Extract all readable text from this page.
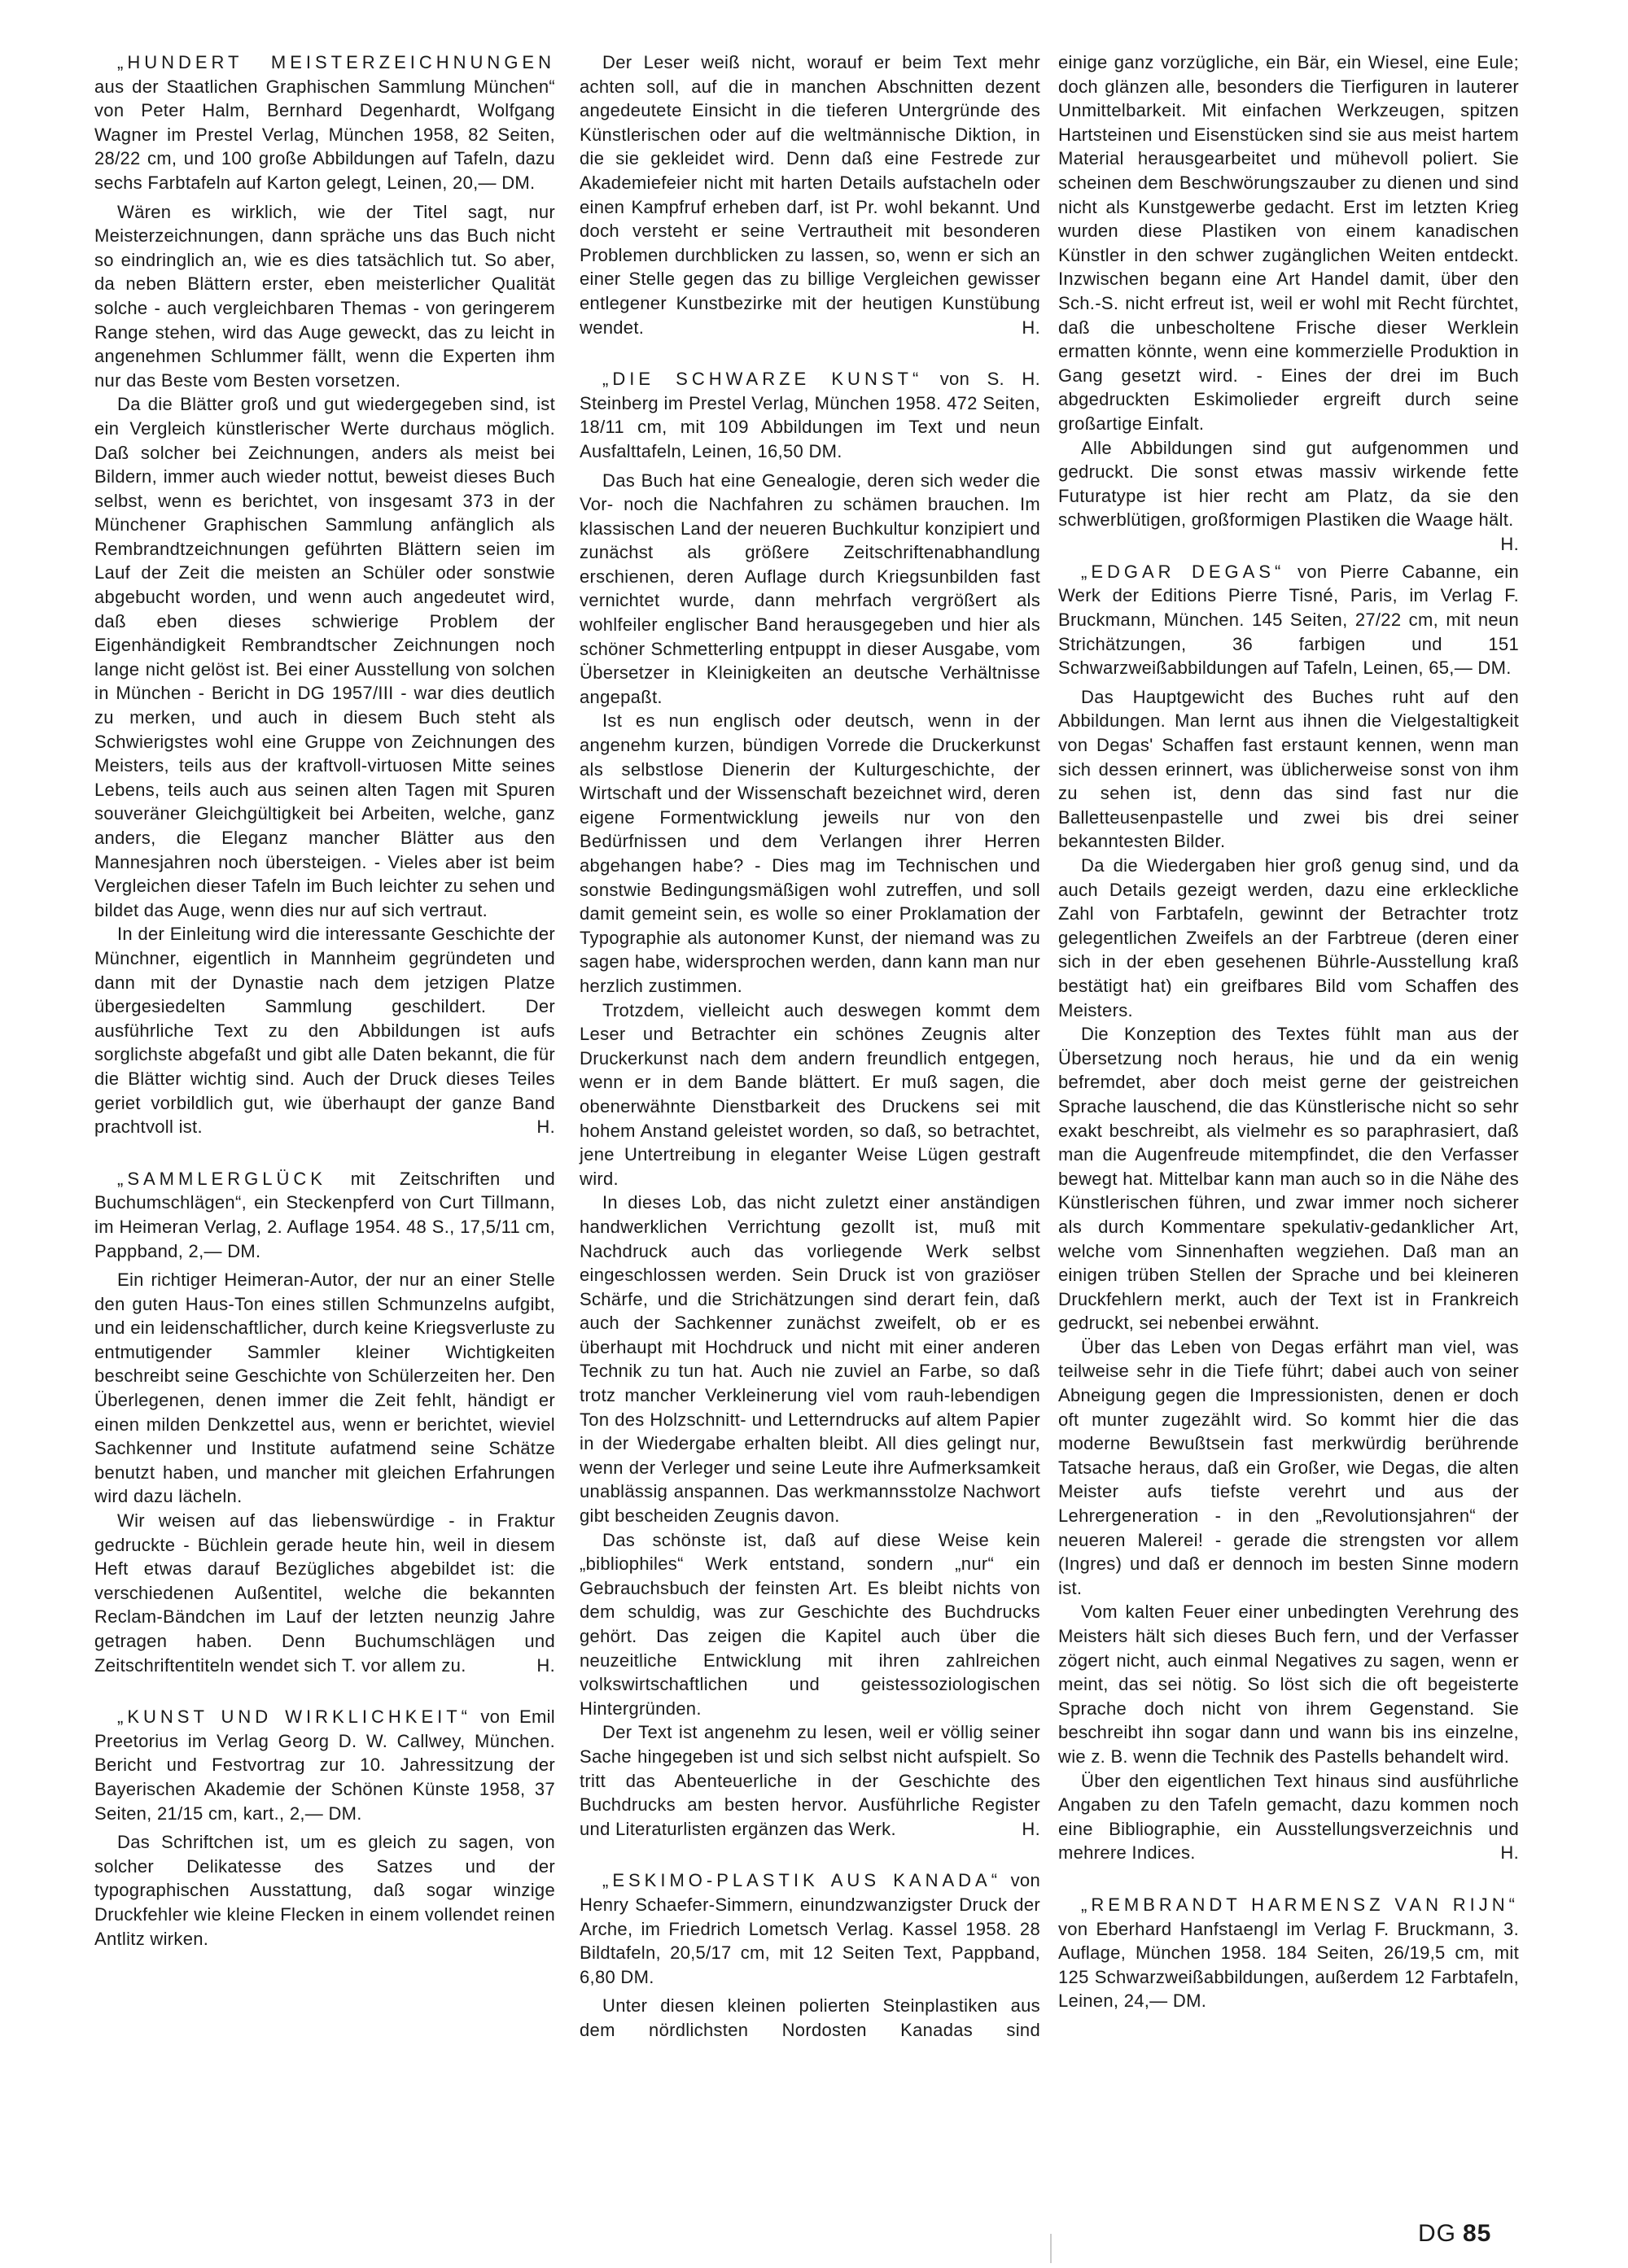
„HUNDERT MEISTERZEICHNUNGEN aus der Staatlichen Graphischen Sammlung München“ von Peter Halm, Bernhard Degenhardt, Wolfgang Wagner im Prestel Verlag, München 1958, 82 Seiten, 28/22 cm, und 100 große Abbildungen auf Tafeln, dazu sechs Farbtafeln auf Karton gelegt, Leinen, 20,— DM.
Wären es wirklich, wie der Titel sagt, nur Meisterzeichnungen, dann spräche uns das Buch nicht so eindringlich an, wie es dies tatsächlich tut. So aber, da neben Blättern erster, eben meisterlicher Qualität solche - auch vergleichbaren Themas - von geringerem Range stehen, wird das Auge geweckt, das zu leicht in angenehmen Schlummer fällt, wenn die Experten ihm nur das Beste vom Besten vorsetzen.
Da die Blätter groß und gut wiedergegeben sind, ist ein Vergleich künstlerischer Werte durchaus möglich. Daß solcher bei Zeichnungen, anders als meist bei Bildern, immer auch wieder nottut, beweist dieses Buch selbst, wenn es berichtet, von insgesamt 373 in der Münchener Graphischen Sammlung anfänglich als Rembrandtzeichnungen geführten Blättern seien im Lauf der Zeit die meisten an Schüler oder sonstwie abgebucht worden, und wenn auch angedeutet wird, daß eben dieses schwierige Problem der Eigenhändigkeit Rembrandtscher Zeichnungen noch lange nicht gelöst ist. Bei einer Ausstellung von solchen in München - Bericht in DG 1957/III - war dies deutlich zu merken, und auch in diesem Buch steht als Schwierigstes wohl eine Gruppe von Zeichnungen des Meisters, teils aus der kraftvoll-virtuosen Mitte seines Lebens, teils auch aus seinen alten Tagen mit Spuren souveräner Gleichgültigkeit bei Arbeiten, welche, ganz anders, die Eleganz mancher Blätter aus den Mannesjahren noch übersteigen. - Vieles aber ist beim Vergleichen dieser Tafeln im Buch leichter zu sehen und bildet das Auge, wenn dies nur auf sich vertraut.
In der Einleitung wird die interessante Geschichte der Münchner, eigentlich in Mannheim gegründeten und dann mit der Dynastie nach dem jetzigen Platze übergesiedelten Sammlung geschildert. Der ausführliche Text zu den Abbildungen ist aufs sorglichste abgefaßt und gibt alle Daten bekannt, die für die Blätter wichtig sind. Auch der Druck dieses Teiles geriet vorbildlich gut, wie überhaupt der ganze Band prachtvoll ist.	H.
„SAMMLERGLÜCK mit Zeitschriften und Buchumschlägen“, ein Steckenpferd von Curt Tillmann, im Heimeran Verlag, 2. Auflage 1954. 48 S., 17,5/11 cm, Pappband, 2,— DM.
Ein richtiger Heimeran-Autor, der nur an einer Stelle den guten Haus-Ton eines stillen Schmunzelns aufgibt, und ein leidenschaftlicher, durch keine Kriegsverluste zu entmutigender Sammler kleiner Wichtigkeiten beschreibt seine Geschichte von Schülerzeiten her. Den Überlegenen, denen immer die Zeit fehlt, händigt er einen milden Denkzettel aus, wenn er berichtet, wieviel Sachkenner und Institute aufatmend seine Schätze benutzt haben, und mancher mit gleichen Erfahrungen wird dazu lächeln.
Wir weisen auf das liebenswürdige - in Fraktur gedruckte - Büchlein gerade heute hin, weil in diesem Heft etwas darauf Bezügliches abgebildet ist: die verschiedenen Außentitel, welche die bekannten Reclam-Bändchen im Lauf der letzten neunzig Jahre getragen haben. Denn Buchumschlägen und Zeitschriftentiteln wendet sich T. vor allem zu.	H.
„KUNST UND WIRKLICHKEIT“ von Emil Preetorius im Verlag Georg D. W. Callwey, München. Bericht und Festvortrag zur 10. Jahressitzung der Bayerischen Akademie der Schönen Künste 1958, 37 Seiten, 21/15 cm, kart., 2,— DM.
Das Schriftchen ist, um es gleich zu sagen, von solcher Delikatesse des Satzes und der typographischen Ausstattung, daß sogar winzige Druckfehler wie kleine Flecken in einem vollendet reinen Antlitz wirken.
Der Leser weiß nicht, worauf er beim Text mehr achten soll, auf die in manchen Abschnitten dezent angedeutete Einsicht in die tieferen Untergründe des Künstlerischen oder auf die weltmännische Diktion, in die sie gekleidet wird. Denn daß eine Festrede zur Akademiefeier nicht mit harten Details aufstacheln oder einen Kampfruf erheben darf, ist Pr. wohl bekannt. Und doch versteht er seine Vertrautheit mit besonderen Problemen durchblicken zu lassen, so, wenn er sich an einer Stelle gegen das zu billige Vergleichen gewisser entlegener Kunstbezirke mit der heutigen Kunstübung wendet.	H.
„DIE SCHWARZE KUNST“ von S. H. Steinberg im Prestel Verlag, München 1958. 472 Seiten, 18/11 cm, mit 109 Abbildungen im Text und neun Ausfalttafeln, Leinen, 16,50 DM.
Das Buch hat eine Genealogie, deren sich weder die Vor- noch die Nachfahren zu schämen brauchen. Im klassischen Land der neueren Buchkultur konzipiert und zunächst als größere Zeitschriftenabhandlung erschienen, deren Auflage durch Kriegsunbilden fast vernichtet wurde, dann mehrfach vergrößert als wohlfeiler englischer Band herausgegeben und hier als schöner Schmetterling entpuppt in dieser Ausgabe, vom Übersetzer in Kleinigkeiten an deutsche Verhältnisse angepaßt.
Ist es nun englisch oder deutsch, wenn in der angenehm kurzen, bündigen Vorrede die Druckerkunst als selbstlose Dienerin der Kulturgeschichte, der Wirtschaft und der Wissenschaft bezeichnet wird, deren eigene Formentwicklung jeweils nur von den Bedürfnissen und dem Verlangen ihrer Herren abgehangen habe? - Dies mag im Technischen und sonstwie Bedingungsmäßigen wohl zutreffen, und soll damit gemeint sein, es wolle so einer Proklamation der Typographie als autonomer Kunst, der niemand was zu sagen habe, widersprochen werden, dann kann man nur herzlich zustimmen.
Trotzdem, vielleicht auch deswegen kommt dem Leser und Betrachter ein schönes Zeugnis alter Druckerkunst nach dem andern freundlich entgegen, wenn er in dem Bande blättert. Er muß sagen, die obenerwähnte Dienstbarkeit des Druckens sei mit hohem Anstand geleistet worden, so daß, so betrachtet, jene Untertreibung in eleganter Weise Lügen gestraft wird.
In dieses Lob, das nicht zuletzt einer anständigen handwerklichen Verrichtung gezollt ist, muß mit Nachdruck auch das vorliegende Werk selbst eingeschlossen werden. Sein Druck ist von graziöser Schärfe, und die Strichätzungen sind derart fein, daß auch der Sachkenner zunächst zweifelt, ob er es überhaupt mit Hochdruck und nicht mit einer anderen Technik zu tun hat. Auch nie zuviel an Farbe, so daß trotz mancher Verkleinerung viel vom rauh-lebendigen Ton des Holzschnitt- und Letterndrucks auf altem Papier in der Wiedergabe erhalten bleibt. All dies gelingt nur, wenn der Verleger und seine Leute ihre Aufmerksamkeit unablässig anspannen. Das werkmannsstolze Nachwort gibt bescheiden Zeugnis davon.
Das schönste ist, daß auf diese Weise kein „bibliophiles“ Werk entstand, sondern „nur“ ein Gebrauchsbuch der feinsten Art. Es bleibt nichts von dem schuldig, was zur Geschichte des Buchdrucks gehört. Das zeigen die Kapitel auch über die neuzeitliche Entwicklung mit ihren zahlreichen volkswirtschaftlichen und geistessoziologischen Hintergründen.
Der Text ist angenehm zu lesen, weil er völlig seiner Sache hingegeben ist und sich selbst nicht aufspielt. So tritt das Abenteuerliche in der Geschichte des Buchdrucks am besten hervor. Ausführliche Register und Literaturlisten ergänzen das Werk.	H.
„ESKIMO-PLASTIK AUS KANADA“ von Henry Schaefer-Simmern, einundzwanzigster Druck der Arche, im Friedrich Lometsch Verlag. Kassel 1958. 28 Bildtafeln, 20,5/17 cm, mit 12 Seiten Text, Pappband, 6,80 DM.
Unter diesen kleinen polierten Steinplastiken aus dem nördlichsten Nordosten Kanadas sind
einige ganz vorzügliche, ein Bär, ein Wiesel, eine Eule; doch glänzen alle, besonders die Tierfiguren in lauterer Unmittelbarkeit. Mit einfachen Werkzeugen, spitzen Hartsteinen und Eisenstücken sind sie aus meist hartem Material herausgearbeitet und mühevoll poliert. Sie scheinen dem Beschwörungszauber zu dienen und sind nicht als Kunstgewerbe gedacht. Erst im letzten Krieg wurden diese Plastiken von einem kanadischen Künstler in den schwer zugänglichen Weiten entdeckt. Inzwischen begann eine Art Handel damit, über den Sch.-S. nicht erfreut ist, weil er wohl mit Recht fürchtet, daß die unbescholtene Frische dieser Werklein ermatten könnte, wenn eine kommerzielle Produktion in Gang gesetzt wird. - Eines der drei im Buch abgedruckten Eskimolieder ergreift durch seine großartige Einfalt.
Alle Abbildungen sind gut aufgenommen und gedruckt. Die sonst etwas massiv wirkende fette Futuratype ist hier recht am Platz, da sie den schwerblütigen, großformigen Plastiken die Waage hält.
H.
„EDGAR DEGAS“ von Pierre Cabanne, ein Werk der Editions Pierre Tisné, Paris, im Verlag F. Bruckmann, München. 145 Seiten, 27/22 cm, mit neun Strichätzungen, 36 farbigen und 151 Schwarzweißabbildungen auf Tafeln, Leinen, 65,— DM.
Das Hauptgewicht des Buches ruht auf den Abbildungen. Man lernt aus ihnen die Vielgestaltigkeit von Degas' Schaffen fast erstaunt kennen, wenn man sich dessen erinnert, was üblicherweise sonst von ihm zu sehen ist, denn das sind fast nur die Balletteusenpastelle und zwei bis drei seiner bekanntesten Bilder.
Da die Wiedergaben hier groß genug sind, und da auch Details gezeigt werden, dazu eine erkleckliche Zahl von Farbtafeln, gewinnt der Betrachter trotz gelegentlichen Zweifels an der Farbtreue (deren einer sich in der eben gesehenen Bührle-Ausstellung kraß bestätigt hat) ein greifbares Bild vom Schaffen des Meisters.
Die Konzeption des Textes fühlt man aus der Übersetzung noch heraus, hie und da ein wenig befremdet, aber doch meist gerne der geistreichen Sprache lauschend, die das Künstlerische nicht so sehr exakt beschreibt, als vielmehr es so paraphrasiert, daß man die Augenfreude mitempfindet, die den Verfasser bewegt hat. Mittelbar kann man auch so in die Nähe des Künstlerischen führen, und zwar immer noch sicherer als durch Kommentare spekulativ-gedanklicher Art, welche vom Sinnenhaften wegziehen. Daß man an einigen trüben Stellen der Sprache und bei kleineren Druckfehlern merkt, auch der Text ist in Frankreich gedruckt, sei nebenbei erwähnt.
Über das Leben von Degas erfährt man viel, was teilweise sehr in die Tiefe führt; dabei auch von seiner Abneigung gegen die Impressionisten, denen er doch oft munter zugezählt wird. So kommt hier die das moderne Bewußtsein fast merkwürdig berührende Tatsache heraus, daß ein Großer, wie Degas, die alten Meister aufs tiefste verehrt und aus der Lehrergeneration - in den „Revolutionsjahren“ der neueren Malerei! - gerade die strengsten vor allem (Ingres) und daß er dennoch im besten Sinne modern ist.
Vom kalten Feuer einer unbedingten Verehrung des Meisters hält sich dieses Buch fern, und der Verfasser zögert nicht, auch einmal Negatives zu sagen, wenn er meint, das sei nötig. So löst sich die oft begeisterte Sprache doch nicht von ihrem Gegenstand. Sie beschreibt ihn sogar dann und wann bis ins einzelne, wie z. B. wenn die Technik des Pastells behandelt wird.
Über den eigentlichen Text hinaus sind ausführliche Angaben zu den Tafeln gemacht, dazu kommen noch eine Bibliographie, ein Ausstellungsverzeichnis und mehrere Indices.	H.
„REMBRANDT HARMENSZ VAN RIJN“ von Eberhard Hanfstaengl im Verlag F. Bruckmann, 3. Auflage, München 1958. 184 Seiten, 26/19,5 cm, mit 125 Schwarzweißabbildungen, außerdem 12 Farbtafeln, Leinen, 24,— DM.
DG 85
